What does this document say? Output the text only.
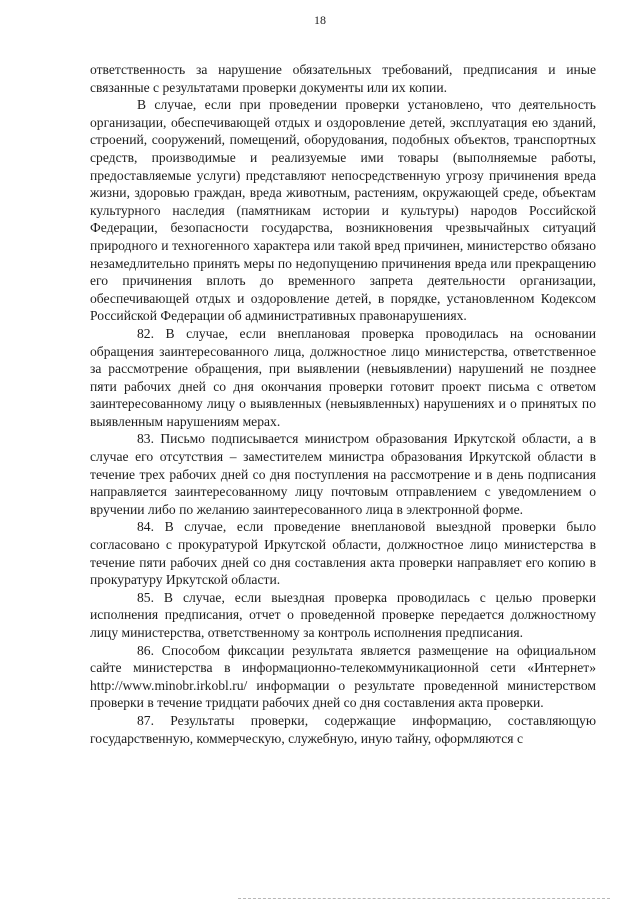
18

ответственность за нарушение обязательных требований, предписания и иные связанные с результатами проверки документы или их копии.

В случае, если при проведении проверки установлено, что деятельность организации, обеспечивающей отдых и оздоровление детей, эксплуатация ею зданий, строений, сооружений, помещений, оборудования, подобных объектов, транспортных средств, производимые и реализуемые ими товары (выполняемые работы, предоставляемые услуги) представляют непосредственную угрозу причинения вреда жизни, здоровью граждан, вреда животным, растениям, окружающей среде, объектам культурного наследия (памятникам истории и культуры) народов Российской Федерации, безопасности государства, возникновения чрезвычайных ситуаций природного и техногенного характера или такой вред причинен, министерство обязано незамедлительно принять меры по недопущению причинения вреда или прекращению его причинения вплоть до временного запрета деятельности организации, обеспечивающей отдых и оздоровление детей, в порядке, установленном Кодексом Российской Федерации об административных правонарушениях.

82. В случае, если внеплановая проверка проводилась на основании обращения заинтересованного лица, должностное лицо министерства, ответственное за рассмотрение обращения, при выявлении (невыявлении) нарушений не позднее пяти рабочих дней со дня окончания проверки готовит проект письма с ответом заинтересованному лицу о выявленных (невыявленных) нарушениях и о принятых по выявленным нарушениям мерах.

83. Письмо подписывается министром образования Иркутской области, а в случае его отсутствия – заместителем министра образования Иркутской области в течение трех рабочих дней со дня поступления на рассмотрение и в день подписания направляется заинтересованному лицу почтовым отправлением с уведомлением о вручении либо по желанию заинтересованного лица в электронной форме.

84. В случае, если проведение внеплановой выездной проверки было согласовано с прокуратурой Иркутской области, должностное лицо министерства в течение пяти рабочих дней со дня составления акта проверки направляет его копию в прокуратуру Иркутской области.

85. В случае, если выездная проверка проводилась с целью проверки исполнения предписания, отчет о проведенной проверке передается должностному лицу министерства, ответственному за контроль исполнения предписания.

86. Способом фиксации результата является размещение на официальном сайте министерства в информационно-телекоммуникационной сети «Интернет» http://www.minobr.irkobl.ru/ информации о результате проведенной министерством проверки в течение тридцати рабочих дней со дня составления акта проверки.

87. Результаты проверки, содержащие информацию, составляющую государственную, коммерческую, служебную, иную тайну, оформляются с
